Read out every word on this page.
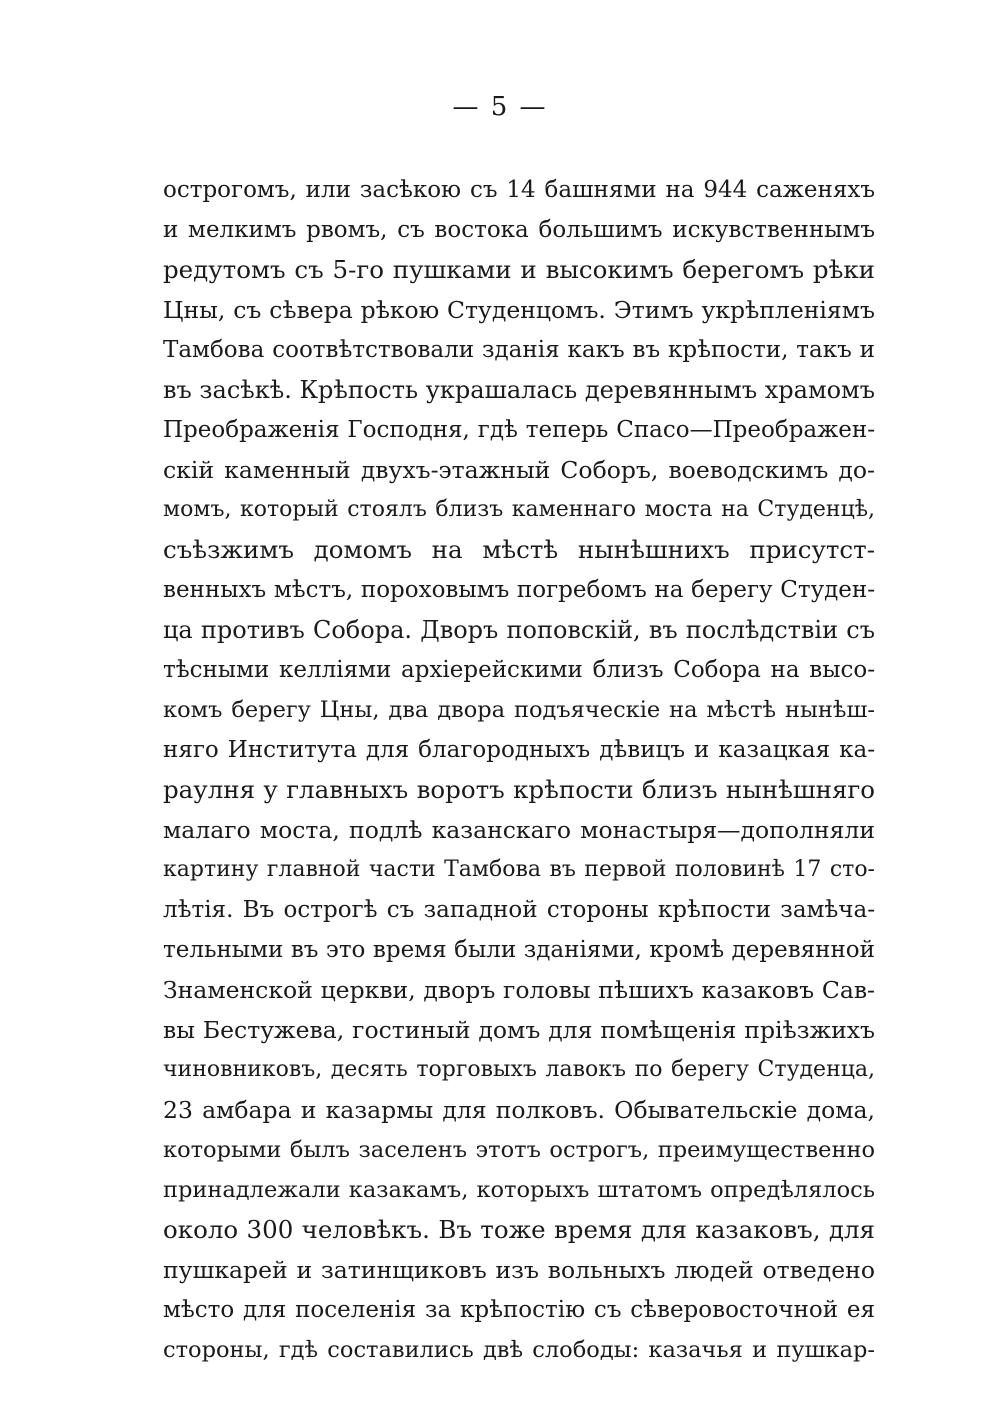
— 5 —
острогомъ, или засѣкою съ 14 башнями на 944 саженяхъ
и мелкимъ рвомъ, съ востока большимъ искувственнымъ
редутомъ съ 5-го пушками и высокимъ берегомъ рѣки
Цны, съ сѣвера рѣкою Студенцомъ. Этимъ укрѣпленіямъ
Тамбова соотвѣтствовали зданія какъ въ крѣпости, такъ и
въ засѣкѣ. Крѣпость украшалась деревяннымъ храмомъ
Преображенія Господня, гдѣ теперь Спасо—Преображен-
скій каменный двухъ-этажный Соборъ, воеводскимъ до-
момъ, который стоялъ близъ каменнаго моста на Студенцѣ,
съѣзжимъ домомъ на мѣстѣ нынѣшнихъ присутст-
венныхъ мѣстъ, пороховымъ погребомъ на берегу Студен-
ца противъ Собора. Дворъ поповскій, въ послѣдствіи съ
тѣсными келліями архіерейскими близъ Собора на высо-
комъ берегу Цны, два двора подъяческіе на мѣстѣ нынѣш-
няго Института для благородныхъ дѣвицъ и казацкая ка-
раулня у главныхъ воротъ крѣпости близъ нынѣшняго
малаго моста, подлѣ казанскаго монастыря—дополняли
картину главной части Тамбова въ первой половинѣ 17 сто-
лѣтія. Въ острогѣ съ западной стороны крѣпости замѣча-
тельными въ это время были зданіями, кромѣ деревянной
Знаменской церкви, дворъ головы пѣшихъ казаковъ Сав-
вы Бестужева, гостиный домъ для помѣщенія пріѣзжихъ
чиновниковъ, десять торговыхъ лавокъ по берегу Студенца,
23 амбара и казармы для полковъ. Обывательскіе дома,
которыми былъ заселенъ этотъ острогъ, преимущественно
принадлежали казакамъ, которыхъ штатомъ опредѣлялось
около 300 человѣкъ. Въ тоже время для казаковъ, для
пушкарей и затинщиковъ изъ вольныхъ людей отведено
мѣсто для поселенія за крѣпостію съ сѣверовосточной ея
стороны, гдѣ составились двѣ слободы: казачья и пушкар-
